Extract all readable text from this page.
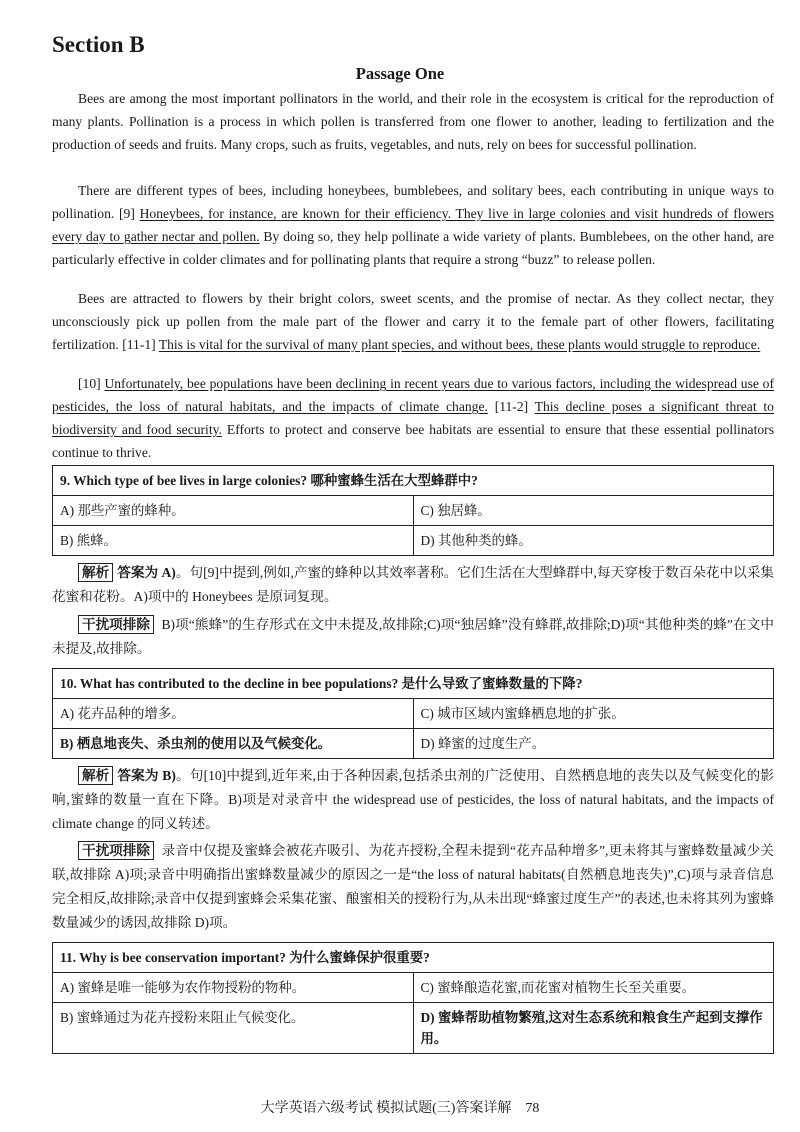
Section B
Passage One

Bees are among the most important pollinators in the world, and their role in the ecosystem is critical for the reproduction of many plants. Pollination is a process in which pollen is transferred from one flower to another, leading to fertilization and the production of seeds and fruits. Many crops, such as fruits, vegetables, and nuts, rely on bees for successful pollination.

There are different types of bees, including honeybees, bumblebees, and solitary bees, each contributing in unique ways to pollination. [9] Honeybees, for instance, are known for their efficiency. They live in large colonies and visit hundreds of flowers every day to gather nectar and pollen. By doing so, they help pollinate a wide variety of plants. Bumblebees, on the other hand, are particularly effective in colder climates and for pollinating plants that require a strong “buzz” to release pollen.

Bees are attracted to flowers by their bright colors, sweet scents, and the promise of nectar. As they collect nectar, they unconsciously pick up pollen from the male part of the flower and carry it to the female part of other flowers, facilitating fertilization. [11-1] This is vital for the survival of many plant species, and without bees, these plants would struggle to reproduce.

[10] Unfortunately, bee populations have been declining in recent years due to various factors, including the widespread use of pesticides, the loss of natural habitats, and the impacts of climate change. [11-2] This decline poses a significant threat to biodiversity and food security. Efforts to protect and conserve bee habitats are essential to ensure that these essential pollinators continue to thrive.

9. Which type of bee lives in large colonies? 哪种蜜蜂生活在大型蜂群中?	
A) 那些产蜜的蜂种。	C) 独居蜂。
B) 熊蜂。	D) 其他种类的蜂。

解析 答案为 A)。句[9]中提到,例如,产蜜的蜂种以其效率著称。它们生活在大型蜂群中,每天穿梭于数百朵花中以采集花蜜和花粉。A)项中的 Honeybees 是原词复现。

干扰项排除 B)项“熊蜂”的生存形式在文中未提及,故排除;C)项“独居蜂”没有蜂群,故排除;D)项“其他种类的蜂”在文中未提及,故排除。

10. What has contributed to the decline in bee populations? 是什么导致了蜜蜂数量的下降?	
A) 花卉品种的增多。	C) 城市区域内蜜蜂栖息地的扩张。
B) 栖息地丧失、杀虫剂的使用以及气候变化。	D) 蜂蜜的过度生产。

解析 答案为 B)。句[10]中提到,近年来,由于各种因素,包括杀虫剂的广泛使用、自然栖息地的丧失以及气候变化的影响,蜜蜂的数量一直在下降。B)项是对录音中 the widespread use of pesticides, the loss of natural habitats, and the impacts of climate change 的同义转述。

干扰项排除 录音中仅提及蜜蜂会被花卉吸引、为花卉授粉,全程未提到“花卉品种增多”,更未将其与蜜蜂数量减少关联,故排除 A)项;录音中明确指出蜜蜂数量减少的原因之一是“the loss of natural habitats(自然栖息地丧失)”,C)项与录音信息完全相反,故排除;录音中仅提到蜜蜂会采集花蜜、酿蜜相关的授粉行为,从未出现“蜂蜜过度生产”的表述,也未将其列为蜜蜂数量减少的诱因,故排除 D)项。

11. Why is bee conservation important? 为什么蜜蜂保护很重要?	
A) 蜜蜂是唯一能够为农作物授粉的物种。	C) 蜜蜂酿造花蜜,而花蜜对植物生长至关重要。
B) 蜜蜂通过为花卉授粉来阻止气候变化。	D) 蜜蜂帮助植物繁殖,这对生态系统和粮食生产起到支撑作用。
大学英语六级考试 模拟试题(三)答案详解    78
